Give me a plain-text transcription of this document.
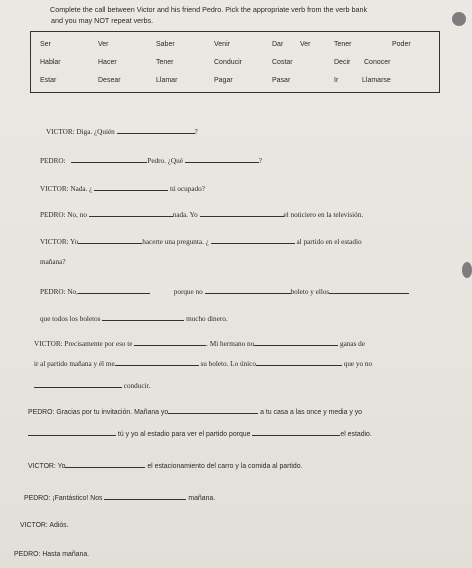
Complete the call between Victor and his friend Pedro. Pick the appropriate verb from the verb bank
and you may NOT repeat verbs.
Ser	Ver	Saber	Venir	Dar Ver	Tener	Poder
Hablar	Hacer	Tener	Conducir	Costar	Decir Conocer
Estar	Desear	Llamar	Pagar	Pasar	Ir	Llamarse
VICTOR: Diga. ¿Quién	?
PEDRO:	Pedro. ¿Qué	?
VICTOR: Nada. ¿	tú ocupado?
PEDRO: No, no	nada. Yo	el noticiero en la televisión.
VICTOR: Yo	hacerte una pregunta. ¿	al partido en el estadio
mañana?
PEDRO: No,	porque no	boleto y ellos
que todos los boletos	mucho dinero.
VICTOR: Precisamente por eso te	. Mi hermano no	ganas de
ir al partido mañana y él me	su boleto. Lo único	que yo no
conducir.
PEDRO: Gracias por tu invitación. Mañana yo	a tu casa a las once y media y yo
tú y yo al estadio para ver el partido porque	el estadio.
VICTOR: Yo	el estacionamiento del carro y la comida al partido.
PEDRO: ¡Fantástico! Nos	mañana.
VICTOR: Adiós.
PEDRO: Hasta mañana.
